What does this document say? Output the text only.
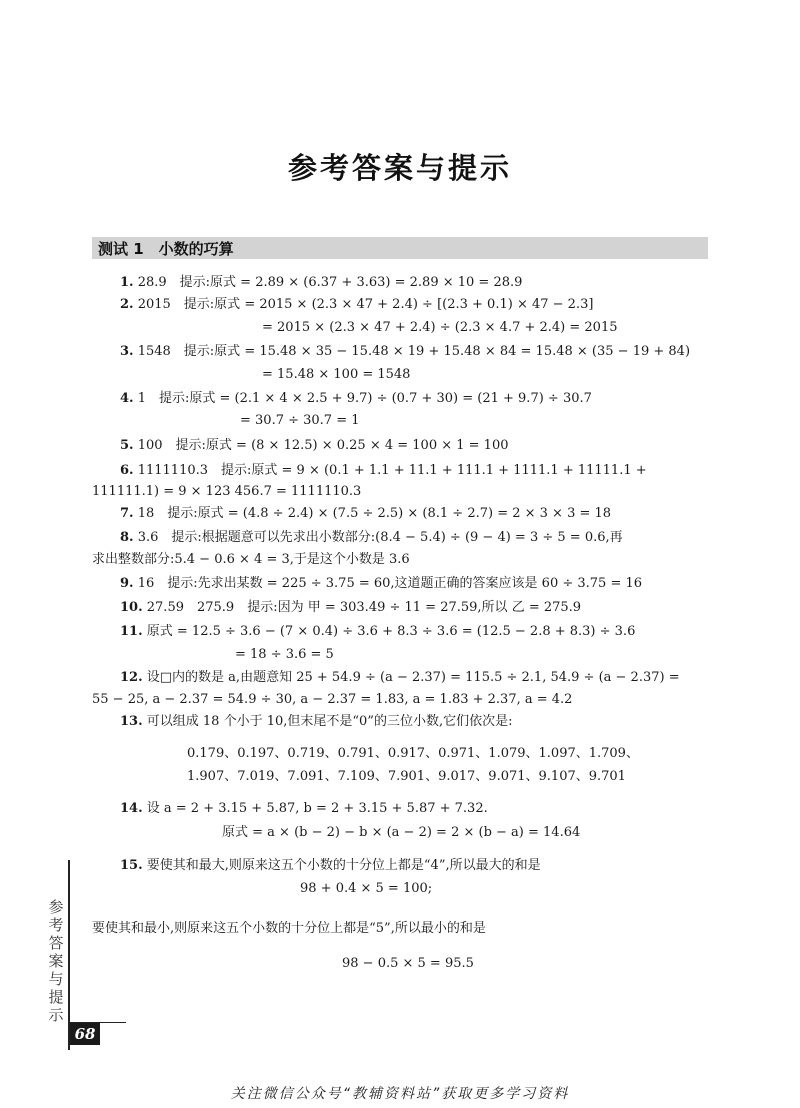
参考答案与提示
测试 1　小数的巧算
1. 28.9　提示:原式 = 2.89 × (6.37 + 3.63) = 2.89 × 10 = 28.9
2. 2015　提示:原式 = 2015 × (2.3 × 47 + 2.4) ÷ [(2.3 + 0.1) × 47 − 2.3]
= 2015 × (2.3 × 47 + 2.4) ÷ (2.3 × 4.7 + 2.4) = 2015
3. 1548　提示:原式 = 15.48 × 35 − 15.48 × 19 + 15.48 × 84 = 15.48 × (35 − 19 + 84)
= 15.48 × 100 = 1548
4. 1　提示:原式 = (2.1 × 4 × 2.5 + 9.7) ÷ (0.7 + 30) = (21 + 9.7) ÷ 30.7
= 30.7 ÷ 30.7 = 1
5. 100　提示:原式 = (8 × 12.5) × 0.25 × 4 = 100 × 1 = 100
6. 1111110.3　提示:原式 = 9 × (0.1 + 1.1 + 11.1 + 111.1 + 1111.1 + 11111.1 +
111111.1) = 9 × 123 456.7 = 1111110.3
7. 18　提示:原式 = (4.8 ÷ 2.4) × (7.5 ÷ 2.5) × (8.1 ÷ 2.7) = 2 × 3 × 3 = 18
8. 3.6　提示:根据题意可以先求出小数部分:(8.4 − 5.4) ÷ (9 − 4) = 3 ÷ 5 = 0.6,再
求出整数部分:5.4 − 0.6 × 4 = 3,于是这个小数是 3.6
9. 16　提示:先求出某数 = 225 ÷ 3.75 = 60,这道题正确的答案应该是 60 ÷ 3.75 = 16
10. 27.59　275.9　提示:因为 甲 = 303.49 ÷ 11 = 27.59,所以 乙 = 275.9
11. 原式 = 12.5 ÷ 3.6 − (7 × 0.4) ÷ 3.6 + 8.3 ÷ 3.6 = (12.5 − 2.8 + 8.3) ÷ 3.6
= 18 ÷ 3.6 = 5
12. 设□内的数是 a,由题意知 25 + 54.9 ÷ (a − 2.37) = 115.5 ÷ 2.1, 54.9 ÷ (a − 2.37) =
55 − 25, a − 2.37 = 54.9 ÷ 30, a − 2.37 = 1.83, a = 1.83 + 2.37, a = 4.2
13. 可以组成 18 个小于 10,但末尾不是“0”的三位小数,它们依次是:
0.179、0.197、0.719、0.791、0.917、0.971、1.079、1.097、1.709、
1.907、7.019、7.091、7.109、7.901、9.017、9.071、9.107、9.701
14. 设 a = 2 + 3.15 + 5.87, b = 2 + 3.15 + 5.87 + 7.32.
原式 = a × (b − 2) − b × (a − 2) = 2 × (b − a) = 14.64
15. 要使其和最大,则原来这五个小数的十分位上都是“4”,所以最大的和是
98 + 0.4 × 5 = 100;
要使其和最小,则原来这五个小数的十分位上都是“5”,所以最小的和是
98 − 0.5 × 5 = 95.5
参考答案与提示
68
关注微信公众号“教辅资料站”获取更多学习资料
